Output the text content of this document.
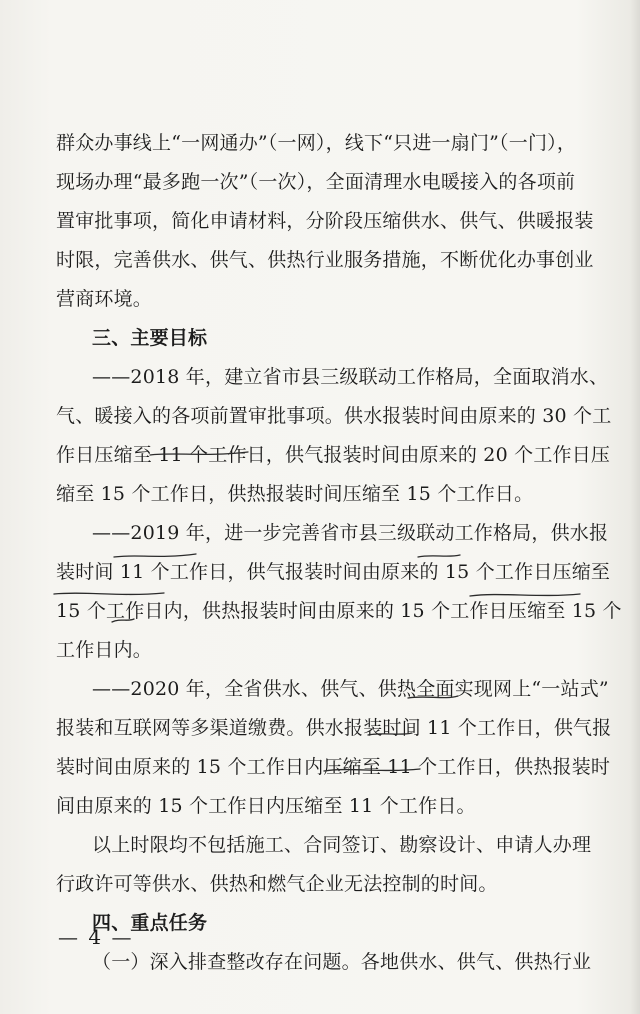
群众办事线上“一网通办”（一网），线下“只进一扇门”（一门），
现场办理“最多跑一次”（一次），全面清理水电暖接入的各项前
置审批事项，简化申请材料，分阶段压缩供水、供气、供暖报装
时限，完善供水、供气、供热行业服务措施，不断优化办事创业
营商环境。
三、主要目标
——2018 年，建立省市县三级联动工作格局，全面取消水、
气、暖接入的各项前置审批事项。供水报装时间由原来的 30 个工
作日压缩至 11 个工作日，供气报装时间由原来的 20 个工作日压
缩至 15 个工作日，供热报装时间压缩至 15 个工作日。
——2019 年，进一步完善省市县三级联动工作格局，供水报
装时间 11 个工作日，供气报装时间由原来的 15 个工作日压缩至
15 个工作日内，供热报装时间由原来的 15 个工作日压缩至 15 个
工作日内。
——2020 年，全省供水、供气、供热全面实现网上“一站式”
报装和互联网等多渠道缴费。供水报装时间 11 个工作日，供气报
装时间由原来的 15 个工作日内压缩至 11 个工作日，供热报装时
间由原来的 15 个工作日内压缩至 11 个工作日。
以上时限均不包括施工、合同签订、勘察设计、申请人办理
行政许可等供水、供热和燃气企业无法控制的时间。
四、重点任务
（一）深入排查整改存在问题。各地供水、供气、供热行业
— 4 —
